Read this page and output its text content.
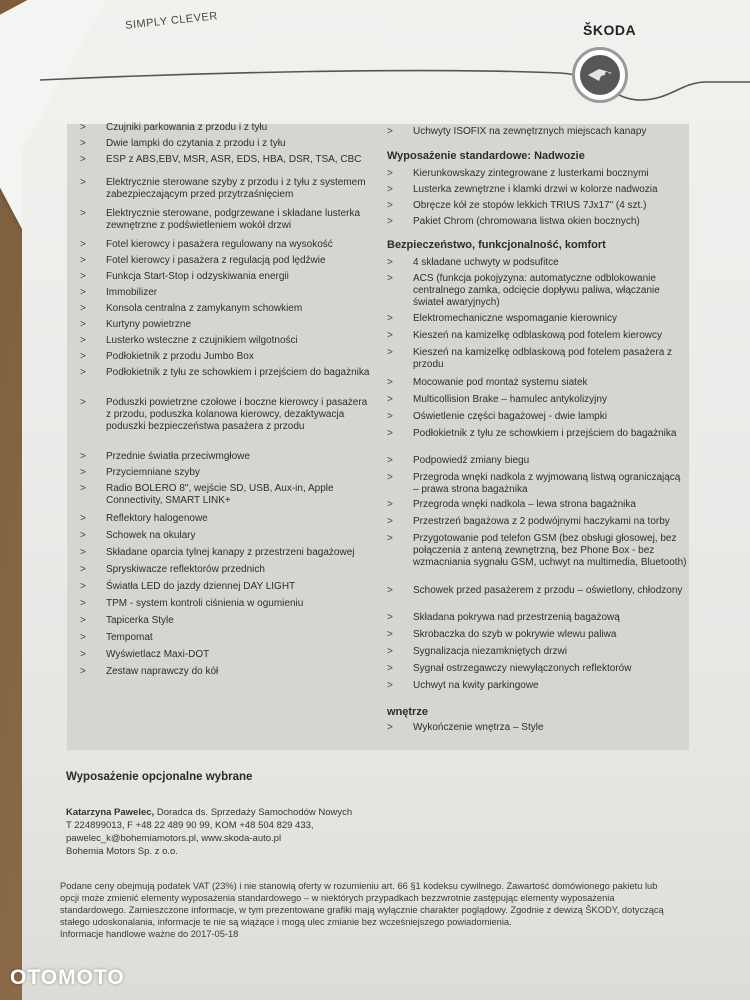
SIMPLY CLEVER	ŠKODA
>	Czujniki parkowania z przodu i z tyłu
>	Dwie lampki do czytania z przodu i z tyłu
>	ESP z ABS,EBV, MSR, ASR, EDS, HBA, DSR, TSA, CBC
>	Elektrycznie sterowane szyby z przodu i z tyłu z systemem zabezpieczającym przed przytrzaśnięciem
>	Elektrycznie sterowane, podgrzewane i składane lusterka zewnętrzne z podświetleniem wokół drzwi
>	Fotel kierowcy i pasażera regulowany na wysokość
>	Fotel kierowcy i pasażera z regulacją pod lędźwie
>	Funkcja Start-Stop i odzyskiwania energii
>	Immobilizer
>	Konsola centralna z zamykanym schowkiem
>	Kurtyny powietrzne
>	Lusterko wsteczne z czujnikiem wilgotności
>	Podłokietnik z przodu Jumbo Box
>	Podłokietnik z tyłu ze schowkiem i przejściem do bagażnika
>	Poduszki powietrzne czołowe i boczne kierowcy i pasażera z przodu, poduszka kolanowa kierowcy, dezaktywacja poduszki bezpieczeństwa pasażera z przodu
>	Przednie światła przeciwmgłowe
>	Przyciemniane szyby
>	Radio BOLERO 8", wejście SD, USB, Aux-in, Apple Connectivity, SMART LINK+
>	Reflektory halogenowe
>	Schowek na okulary
>	Składane oparcia tylnej kanapy z przestrzeni bagażowej
>	Spryskiwacze reflektorów przednich
>	Światła LED do jazdy dziennej DAY LIGHT
>	TPM - system kontroli ciśnienia w ogumieniu
>	Tapicerka Style
>	Tempomat
>	Wyświetlacz Maxi-DOT
>	Zestaw naprawczy do kół
>	Uchwyty ISOFIX na zewnętrznych miejscach kanapy
Wyposażenie standardowe: Nadwozie
>	Kierunkowskazy zintegrowane z lusterkami bocznymi
>	Lusterka zewnętrzne i klamki drzwi w kolorze nadwozia
>	Obręcze kół ze stopów lekkich TRIUS 7Jx17" (4 szt.)
>	Pakiet Chrom (chromowana listwa okien bocznych)
Bezpieczeństwo, funkcjonalność, komfort
>	4 składane uchwyty w podsufitce
>	ACS (funkcja pokojyzyna: automatyczne odblokowanie centralnego zamka, odcięcie dopływu paliwa, włączanie świateł awaryjnych)
>	Elektromechaniczne wspomaganie kierownicy
>	Kieszeń na kamizelkę odblaskową pod fotelem kierowcy
>	Kieszeń na kamizelkę odblaskową pod fotelem pasażera z przodu
>	Mocowanie pod montaż systemu siatek
>	Multicollision Brake – hamulec antykolizyjny
>	Oświetlenie części bagażowej - dwie lampki
>	Podłokietnik z tyłu ze schowkiem i przejściem do bagażnika
>	Podpowiedź zmiany biegu
>	Przegroda wnęki nadkola z wyjmowaną listwą ograniczającą – prawa strona bagażnika
>	Przegroda wnęki nadkola – lewa strona bagażnika
>	Przestrzeń bagażowa z 2 podwójnymi haczykami na torby
>	Przygotowanie pod telefon GSM (bez obsługi głosowej, bez połączenia z anteną zewnętrzną, bez Phone Box - bez wzmacniania sygnału GSM, uchwyt na multimedia, Bluetooth)
>	Schowek przed pasażerem z przodu – oświetlony, chłodzony
>	Składana pokrywa nad przestrzenią bagażową
>	Skrobaczka do szyb w pokrywie wlewu paliwa
>	Sygnalizacja niezamkniętych drzwi
>	Sygnał ostrzegawczy niewyłączonych reflektorów
>	Uchwyt na kwity parkingowe
wnętrze
>	Wykończenie wnętrza – Style
Wyposażenie opcjonalne wybrane
Katarzyna Pawelec, Doradca ds. Sprzedaży Samochodów Nowych
T 224899013, F +48 22 489 90 99, KOM +48 504 829 433,
pawelec_k@bohemiamotors.pl, www.skoda-auto.pl
Bohemia Motors Sp. z o.o.
Podane ceny obejmują podatek VAT (23%) i nie stanowią oferty w rozumieniu art. 66 §1 kodeksu cywilnego. Zawartość domówionego pakietu lub
opcji może zmienić elementy wyposażenia standardowego – w niektórych przypadkach bezzwrotnie zastępując elementy wyposażenia
standardowego. Zamieszczone informacje, w tym prezentowane grafiki mają wyłącznie charakter poglądowy. Zgodnie z dewizą ŠKODY, dotyczącą
stałego udoskonalania, informacje te nie są wiążące i mogą ulec zmianie bez wcześniejszego powiadomienia.
Informacje handlowe ważne do 2017-05-18
OTOMOTO
